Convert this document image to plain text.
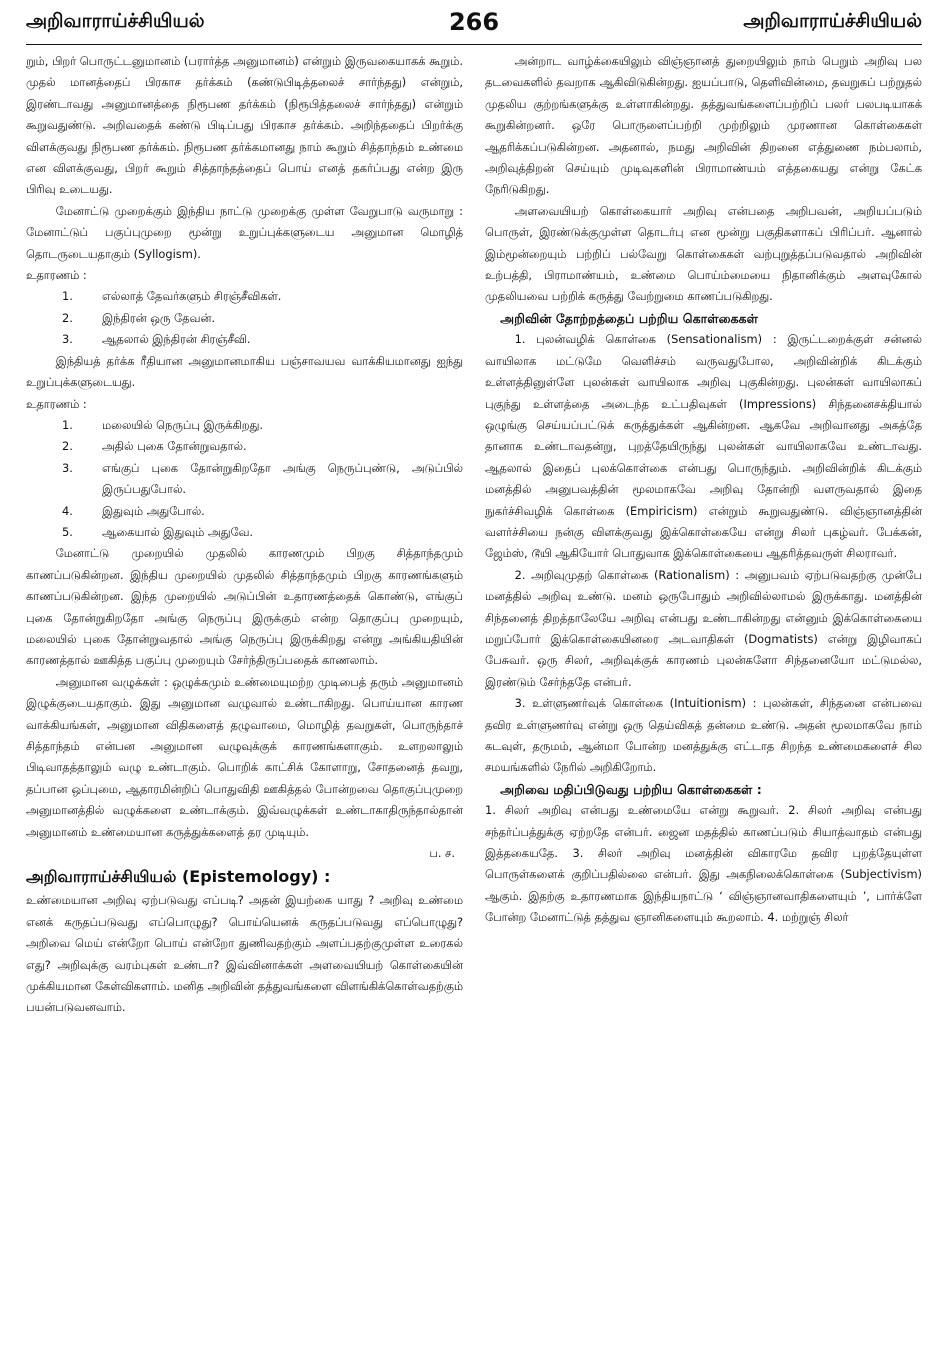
அறிவாராய்ச்சியியல்	266	அறிவாராய்ச்சியியல்

றும், பிறர் பொருட்டனுமானம் (பரார்த்த அனுமானம்) என்றும் இருவகையாகக் கூறும். முதல் மானத்தைப் பிரகாச தர்க்கம் (கண்டுபிடித்தலைச் சார்ந்தது) என்றும், இரண்டாவது அனுமானத்தை நிரூபண தர்க்கம் (நிரூபித்தலைச் சார்ந்தது) என்றும் கூறுவதுண்டு. அறிவதைக் கண்டு பிடிப்பது பிரகாச தர்க்கம். அறிந்ததைப் பிறர்க்கு விளக்குவது நிரூபண தர்க்கம். நிரூபண தர்க்கமானது நாம் கூறும் சித்தாந்தம் உண்மை என விளக்குவது, பிறர் கூறும் சித்தாந்தத்தைப் பொய் எனத் தகர்ப்பது என்ற இரு பிரிவு உடையது.

மேனாட்டு முறைக்கும் இந்திய நாட்டு முறைக்கு முள்ள வேறுபாடு வருமாறு : மேனாட்டுப் பகுப்புமுறை மூன்று உறுப்புக்களுடைய அனுமான மொழித் தொடருடையதாகும் (Syllogism).

உதாரணம் :

1.	எல்லாத் தேவர்களும் சிரஞ்சீவிகள்.
2.	இந்திரன் ஒரு தேவன்.
3.	ஆதலால் இந்திரன் சிரஞ்சீவி.

இந்தியத் தர்க்க ரீதியான அனுமானமாகிய பஞ்சாவயவ வாக்கியமானது ஐந்து உறுப்புக்களுடையது.

உதாரணம் :

1.	மலையில் நெருப்பு இருக்கிறது.
2.	அதில் புகை தோன்றுவதால்.
3.	எங்குப் புகை தோன்றுகிறதோ அங்கு நெருப்புண்டு, அடுப்பில் இருப்பதுபோல்.
4.	இதுவும் அதுபோல்.
5.	ஆகையால் இதுவும் அதுவே.

மேனாட்டு முறையில் முதலில் காரணமும் பிறகு சித்தாந்தமும் காணப்படுகின்றன. இந்திய முறையில் முதலில் சித்தாந்தமும் பிறகு காரணங்களும் காணப்படுகின்றன. இந்த முறையில் அடுப்பின் உதாரணத்தைக் கொண்டு, எங்குப் புகை தோன்றுகிறதோ அங்கு நெருப்பு இருக்கும் என்ற தொகுப்பு முறையும், மலையில் புகை தோன்றுவதால் அங்கு நெருப்பு இருக்கிறது என்று அங்கியதியின் காரணத்தால் ஊகித்த பகுப்பு முறையும் சேர்ந்திருப்பதைக் காணலாம்.

அனுமான வழுக்கள் : ஒழுக்கமும் உண்மையுமற்ற முடிபைத் தரும் அனுமானம் இழுக்குடையதாகும். இது அனுமான வழுவால் உண்டாகிறது. பொய்யான காரண வாக்கியங்கள், அனுமான விதிகளைத் தழுவாமை, மொழித் தவறுகள், பொருந்தாச் சித்தாந்தம் என்பன அனுமான வழுவுக்குக் காரணங்களாகும். உளறலாலும் பிடிவாதத்தாலும் வழு உண்டாகும். பொறிக் காட்சிக் கோளாறு, சோதனைத் தவறு, தப்பான ஒப்புமை, ஆதாரமின்றிப் பொதுவிதி ஊகித்தல் போன்றவை தொகுப்புமுறை அனுமானத்தில் வழுக்களை உண்டாக்கும். இவ்வழுக்கள் உண்டாகாதிருந்தால்தான் அனுமானம் உண்மையான கருத்துக்களைத் தர முடியும்.

ப. ச.

அறிவாராய்ச்சியியல் (Epistemology) :

உண்மையான அறிவு ஏற்படுவது எப்படி? அதன் இயற்கை யாது ? அறிவு உண்மை எனக் கருதப்படுவது எப்பொழுது? பொய்யெனக் கருதப்படுவது எப்பொழுது? அறிவை மெய் என்றோ பொய் என்றோ துணிவதற்கும் அளப்பதற்குமுள்ள உரைகல் எது? அறிவுக்கு வரம்புகள் உண்டா? இவ்வினாக்கள் அளவையியற் கொள்கையின் முக்கியமான கேள்விகளாம். மனித அறிவின் தத்துவங்களை விளங்கிக்கொள்வதற்கும் பயன்படுவனவாம்.

அன்றாட வாழ்க்கையிலும் விஞ்ஞானத் துறையிலும் நாம் பெறும் அறிவு பல தடவைகளில் தவறாக ஆகிவிடுகின்றது. ஐயப்பாடு, தெளிவின்மை, தவறுகப் பற்றுதல் முதலிய குற்றங்களுக்கு உள்ளாகின்றது. தத்துவங்களைப்பற்றிப் பலர் பலபடியாகக் கூறுகின்றனர். ஒரே பொருளைப்பற்றி முற்றிலும் முரணான கொள்கைகள் ஆதரிக்கப்படுகின்றன. அதனால், நமது அறிவின் திறனை எத்துணை நம்பலாம், அறிவுத்திறன் செய்யும் முடிவுகளின் பிராமாண்யம் எத்தகையது என்று கேட்க நேரிடுகிறது.

அளவையியற் கொள்கையார் அறிவு என்பதை அறிபவன், அறியப்படும் பொருள், இரண்டுக்குமுள்ள தொடர்பு என மூன்று பகுதிகளாகப் பிரிப்பர். ஆனால் இம்மூன்றையும் பற்றிப் பல்வேறு கொள்கைகள் வற்புறுத்தப்படுவதால் அறிவின் உற்பத்தி, பிராமாண்யம், உண்மை பொய்ம்மையை நிதானிக்கும் அளவுகோல் முதலியவை பற்றிக் கருத்து வேற்றுமை காணப்படுகிறது.

அறிவின் தோற்றத்தைப் பற்றிய கொள்கைகள்

1. புலன்வழிக் கொள்கை (Sensationalism) : இருட்டறைக்குள் சன்னல் வாயிலாக மட்டுமே வெளிச்சம் வருவதுபோல, அறிவின்றிக் கிடக்கும் உள்ளத்தினுள்ளே புலன்கள் வாயிலாக அறிவு புகுகின்றது. புலன்கள் வாயிலாகப் புகுந்து உள்ளத்தை அடைந்த உட்பதிவுகள் (Impressions) சிந்தனைசக்தியால் ஒழுங்கு செய்யப்பட்டுக் கருத்துக்கள் ஆகின்றன. ஆகவே அறிவானது அகத்தே தானாக உண்டாவதன்று, புறத்தேயிருந்து புலன்கள் வாயிலாகவே உண்டாவது. ஆதலால் இதைப் புலக்கொள்கை என்பது பொருந்தும். அறிவின்றிக் கிடக்கும் மனத்தில் அனுபவத்தின் மூலமாகவே அறிவு தோன்றி வளருவதால் இதை நுகர்ச்சிவழிக் கொள்கை (Empiricism) என்றும் கூறுவதுண்டு. விஞ்ஞானத்தின் வளர்ச்சியை நன்கு விளக்குவது இக்கொள்கையே என்று சிலர் புகழ்வர். பேக்கன், ஜேம்ஸ், டூயி ஆகியோர் பொதுவாக இக்கொள்கையை ஆதரித்தவருள் சிலராவர்.

2. அறிவுமுதற் கொள்கை (Rationalism) : அனுபவம் ஏற்படுவதற்கு முன்பே மனத்தில் அறிவு உண்டு. மனம் ஒருபோதும் அறிவில்லாமல் இருக்காது. மனத்தின் சிந்தனைத் திறத்தாலேயே அறிவு என்பது உண்டாகின்றது என்னும் இக்கொள்கையை மறுப்போர் இக்கொள்கையினரை அடவாதிகள் (Dogmatists) என்று இழிவாகப் பேசுவர். ஒரு சிலர், அறிவுக்குக் காரணம் புலன்களோ சிந்தனையோ மட்டுமல்ல, இரண்டும் சேர்ந்ததே என்பர்.

3. உள்ளுணர்வுக் கொள்கை (Intuitionism) : புலன்கள், சிந்தனை என்பவை தவிர உள்ளுணர்வு என்று ஒரு தெய்விகத் தன்மை உண்டு. அதன் மூலமாகவே நாம் கடவுள், தருமம், ஆன்மா போன்ற மனத்துக்கு எட்டாத சிறந்த உண்மைகளைச் சில சமயங்களில் நேரில் அறிகிறோம்.

அறிவை மதிப்பிடுவது பற்றிய கொள்கைகள் :

1. சிலர் அறிவு என்பது உண்மையே என்று கூறுவர். 2. சிலர் அறிவு என்பது சந்தர்ப்பத்துக்கு ஏற்றதே என்பர். ஜைன மதத்தில் காணப்படும் சியாத்வாதம் என்பது இத்தகையதே. 3. சிலர் அறிவு மனத்தின் விகாரமே தவிர புறத்தேயுள்ள பொருள்களைக் குறிப்பதில்லை என்பர். இது அகநிலைக்கொள்கை (Subjectivism) ஆகும். இதற்கு உதாரணமாக இந்தியநாட்டு ‘ விஞ்ஞானவாதிகளையும் ’, பார்க்ளே போன்ற மேனாட்டுத் தத்துவ ஞானிகளையும் கூறலாம். 4. மற்றுஞ் சிலர்
